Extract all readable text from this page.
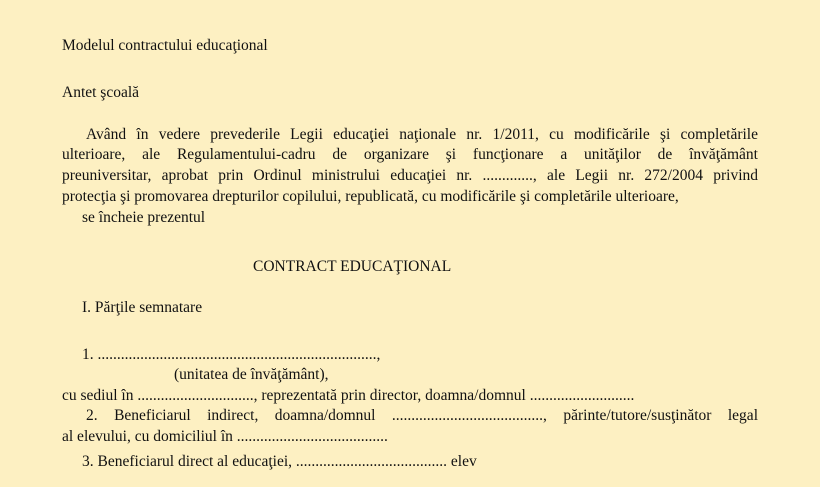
Modelul contractului educaţional
Antet şcoală
Având în vedere prevederile Legii educaţiei naţionale nr. 1/2011, cu modificările şi completările
ulterioare, ale Regulamentului-cadru de organizare şi funcţionare a unităţilor de învăţământ
preuniversitar, aprobat prin Ordinul ministrului educaţiei nr. ............., ale Legii nr. 272/2004 privind
protecţia şi promovarea drepturilor copilului, republicată, cu modificările şi completările ulterioare,
se încheie prezentul
CONTRACT EDUCAŢIONAL
I. Părţile semnatare
1. ........................................................................,
(unitatea de învăţământ),
cu sediul în .............................., reprezentată prin director, doamna/domnul ...........................
2. Beneficiarul indirect, doamna/domnul ......................................., părinte/tutore/susţinător legal
al elevului, cu domiciliul în .......................................
3. Beneficiarul direct al educaţiei, ....................................... elev
